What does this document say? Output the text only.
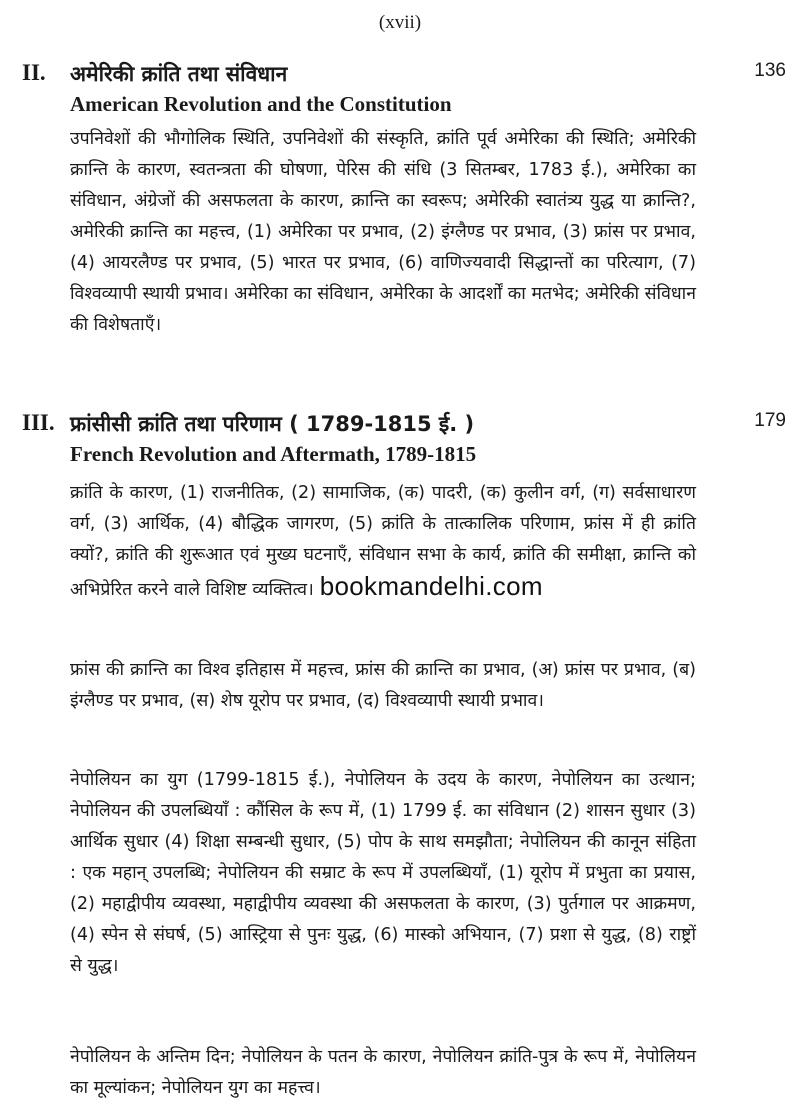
(xvii)
II. अमेरिकी क्रांति तथा संविधान
American Revolution and the Constitution
136

उपनिवेशों की भौगोलिक स्थिति, उपनिवेशों की संस्कृति, क्रांति पूर्व अमेरिका की स्थिति; अमेरिकी क्रान्ति के कारण, स्वतन्त्रता की घोषणा, पेरिस की संधि (3 सितम्बर, 1783 ई.), अमेरिका का संविधान, अंग्रेजों की असफलता के कारण, क्रान्ति का स्वरूप; अमेरिकी स्वातंत्र्य युद्ध या क्रान्ति?, अमेरिकी क्रान्ति का महत्त्व, (1) अमेरिका पर प्रभाव, (2) इंग्लैण्ड पर प्रभाव, (3) फ्रांस पर प्रभाव, (4) आयरलैण्ड पर प्रभाव, (5) भारत पर प्रभाव, (6) वाणिज्यवादी सिद्धान्तों का परित्याग, (7) विश्वव्यापी स्थायी प्रभाव। अमेरिका का संविधान, अमेरिका के आदर्शों का मतभेद; अमेरिकी संविधान की विशेषताएँ।

III. फ्रांसीसी क्रांति तथा परिणाम ( 1789-1815 ई. )
French Revolution and Aftermath, 1789-1815
179

क्रांति के कारण, (1) राजनीतिक, (2) सामाजिक, (क) पादरी, (क) कुलीन वर्ग, (ग) सर्वसाधारण वर्ग, (3) आर्थिक, (4) बौद्धिक जागरण, (5) क्रांति के तात्कालिक परिणाम, फ्रांस में ही क्रांति क्यों?, क्रांति की शुरूआत एवं मुख्य घटनाएँ, संविधान सभा के कार्य, क्रांति की समीक्षा, क्रान्ति को अभिप्रेरित करने वाले विशिष्ट व्यक्तित्व। bookmandelhi.com

फ्रांस की क्रान्ति का विश्व इतिहास में महत्त्व, फ्रांस की क्रान्ति का प्रभाव, (अ) फ्रांस पर प्रभाव, (ब) इंग्लैण्ड पर प्रभाव, (स) शेष यूरोप पर प्रभाव, (द) विश्वव्यापी स्थायी प्रभाव।

नेपोलियन का युग (1799-1815 ई.), नेपोलियन के उदय के कारण, नेपोलियन का उत्थान; नेपोलियन की उपलब्धियाँ : कौंसिल के रूप में, (1) 1799 ई. का संविधान (2) शासन सुधार (3) आर्थिक सुधार (4) शिक्षा सम्बन्धी सुधार, (5) पोप के साथ समझौता; नेपोलियन की कानून संहिता : एक महान् उपलब्धि; नेपोलियन की सम्राट के रूप में उपलब्धियाँ, (1) यूरोप में प्रभुता का प्रयास, (2) महाद्वीपीय व्यवस्था, महाद्वीपीय व्यवस्था की असफलता के कारण, (3) पुर्तगाल पर आक्रमण, (4) स्पेन से संघर्ष, (5) आस्ट्रिया से पुनः युद्ध, (6) मास्को अभियान, (7) प्रशा से युद्ध, (8) राष्ट्रों से युद्ध।

नेपोलियन के अन्तिम दिन; नेपोलियन के पतन के कारण, नेपोलियन क्रांति-पुत्र के रूप में, नेपोलियन का मूल्यांकन; नेपोलियन युग का महत्त्व।
